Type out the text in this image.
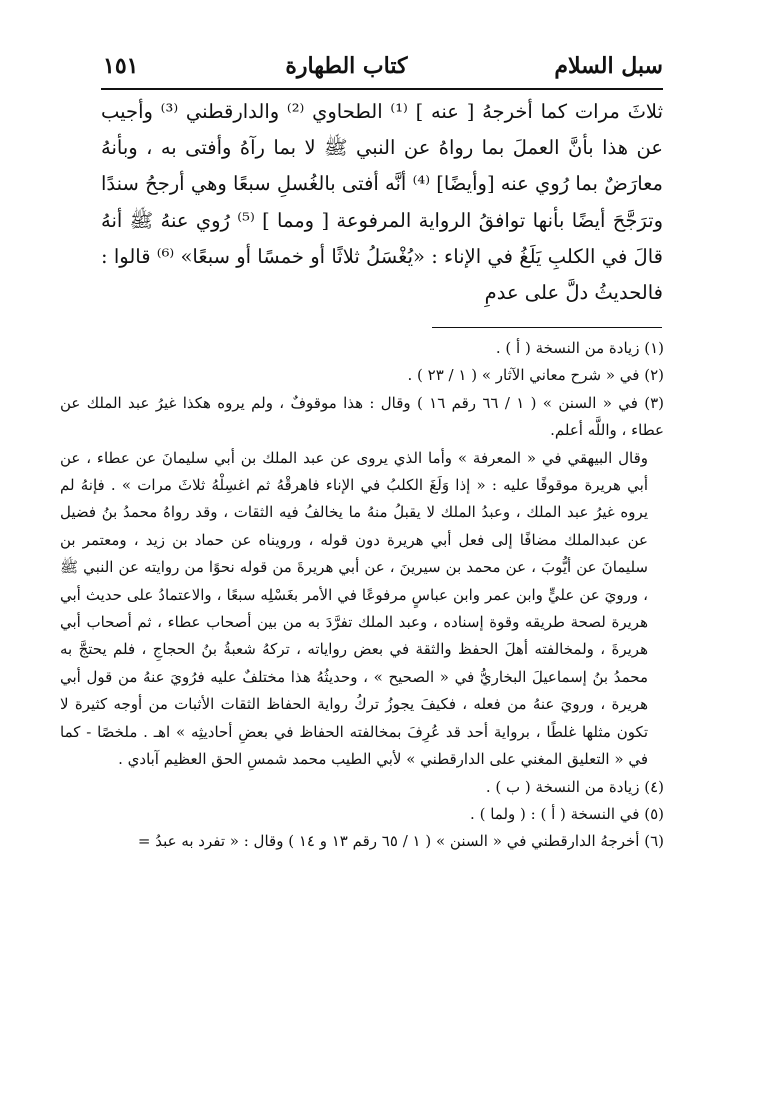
سبل السلام
كتاب الطهارة
١٥١

ثلاثَ مرات كما أخرجهُ [ عنه ] ⁽¹⁾ الطحاوي ⁽²⁾ والدارقطني ⁽³⁾ وأجيب عن هذا بأنَّ العملَ بما رواهُ عن النبي ﷺ لا بما رآهُ وأفتى به ، وبأنهُ معارَضٌ بما رُوي عنه [وأيضًا] ⁽⁴⁾ أنَّه أفتى بالغُسلِ سبعًا وهي أرجحُ سندًا وترَجَّحَ أيضًا بأنها توافقُ الرواية المرفوعة [ ومما ] ⁽⁵⁾ رُوي عنهُ ﷺ أنهُ قالَ في الكلبِ يَلَغُ في الإناء : «يُغْسَلُ ثلاثًا أو خمسًا أو سبعًا» ⁽⁶⁾ قالوا : فالحديثُ دلَّ على عدمِ

(١) زيادة من النسخة ( أ ) .

(٢) في « شرح معاني الآثار » ( ١ / ٢٣ ) .

(٣) في « السنن » ( ١ / ٦٦ رقم ١٦ ) وقال : هذا موقوفٌ ، ولم يروه هكذا غيرُ عبد الملك عن عطاء ، واللَّه أعلم.

وقال البيهقي في « المعرفة » وأما الذي يروى عن عبد الملك بن أبي سليمانَ عن عطاء ، عن أبي هريرة موقوفًا عليه : « إذا وَلَغَ الكلبُ في الإناء فاهرقْهُ ثم اغسِلْهُ ثلاثَ مرات » . فإنهُ لم يروه غيرُ عبد الملك ، وعبدُ الملك لا يقبلُ منهُ ما يخالفُ فيه الثقات ، وقد رواهُ محمدُ بنُ فضيل عن عبدالملك مضافًا إلى فعل أبي هريرة دون قوله ، ورويناه عن حماد بن زيد ، ومعتمر بن سليمانَ عن أيُّوبَ ، عن محمد بن سيرينَ ، عن أبي هريرةَ من قوله نحوًا من روايته عن النبي ﷺ ، ورويَ عن عليٍّ وابن عمر وابن عباسٍ مرفوعًا في الأمر بغَسْلِه سبعًا ، والاعتمادُ على حديث أبي هريرة لصحة طريقه وقوة إسناده ، وعبد الملك تفرَّدَ به من بين أصحاب عطاء ، ثم أصحاب أبي هريرةَ ، ولمخالفته أهلَ الحفظ والثقة في بعض رواياته ، تركهُ شعبةُ بنُ الحجاجِ ، فلم يحتجَّ به محمدُ بنُ إسماعيلَ البخاريُّ في « الصحيح » ، وحديثُهُ هذا مختلفٌ عليه فرُويَ عنهُ من قول أبي هريرة ، ورويَ عنهُ من فعله ، فكيفَ يجوزُ تركُ رواية الحفاظ الثقات الأثبات من أوجه كثيرة لا تكون مثلها غلطًا ، برواية أحد قد عُرِفَ بمخالفته الحفاظ في بعضِ أحاديثِه » اهـ . ملخصًا - كما في « التعليق المغني على الدارقطني » لأبي الطيب محمد شمسِ الحق العظيم آبادي .

(٤) زيادة من النسخة ( ب ) .

(٥) في النسخة ( أ ) : ( ولما ) .

(٦) أخرجهُ الدارقطني في « السنن » ( ١ / ٦٥ رقم ١٣ و ١٤ ) وقال : « تفرد به عبدُ =
